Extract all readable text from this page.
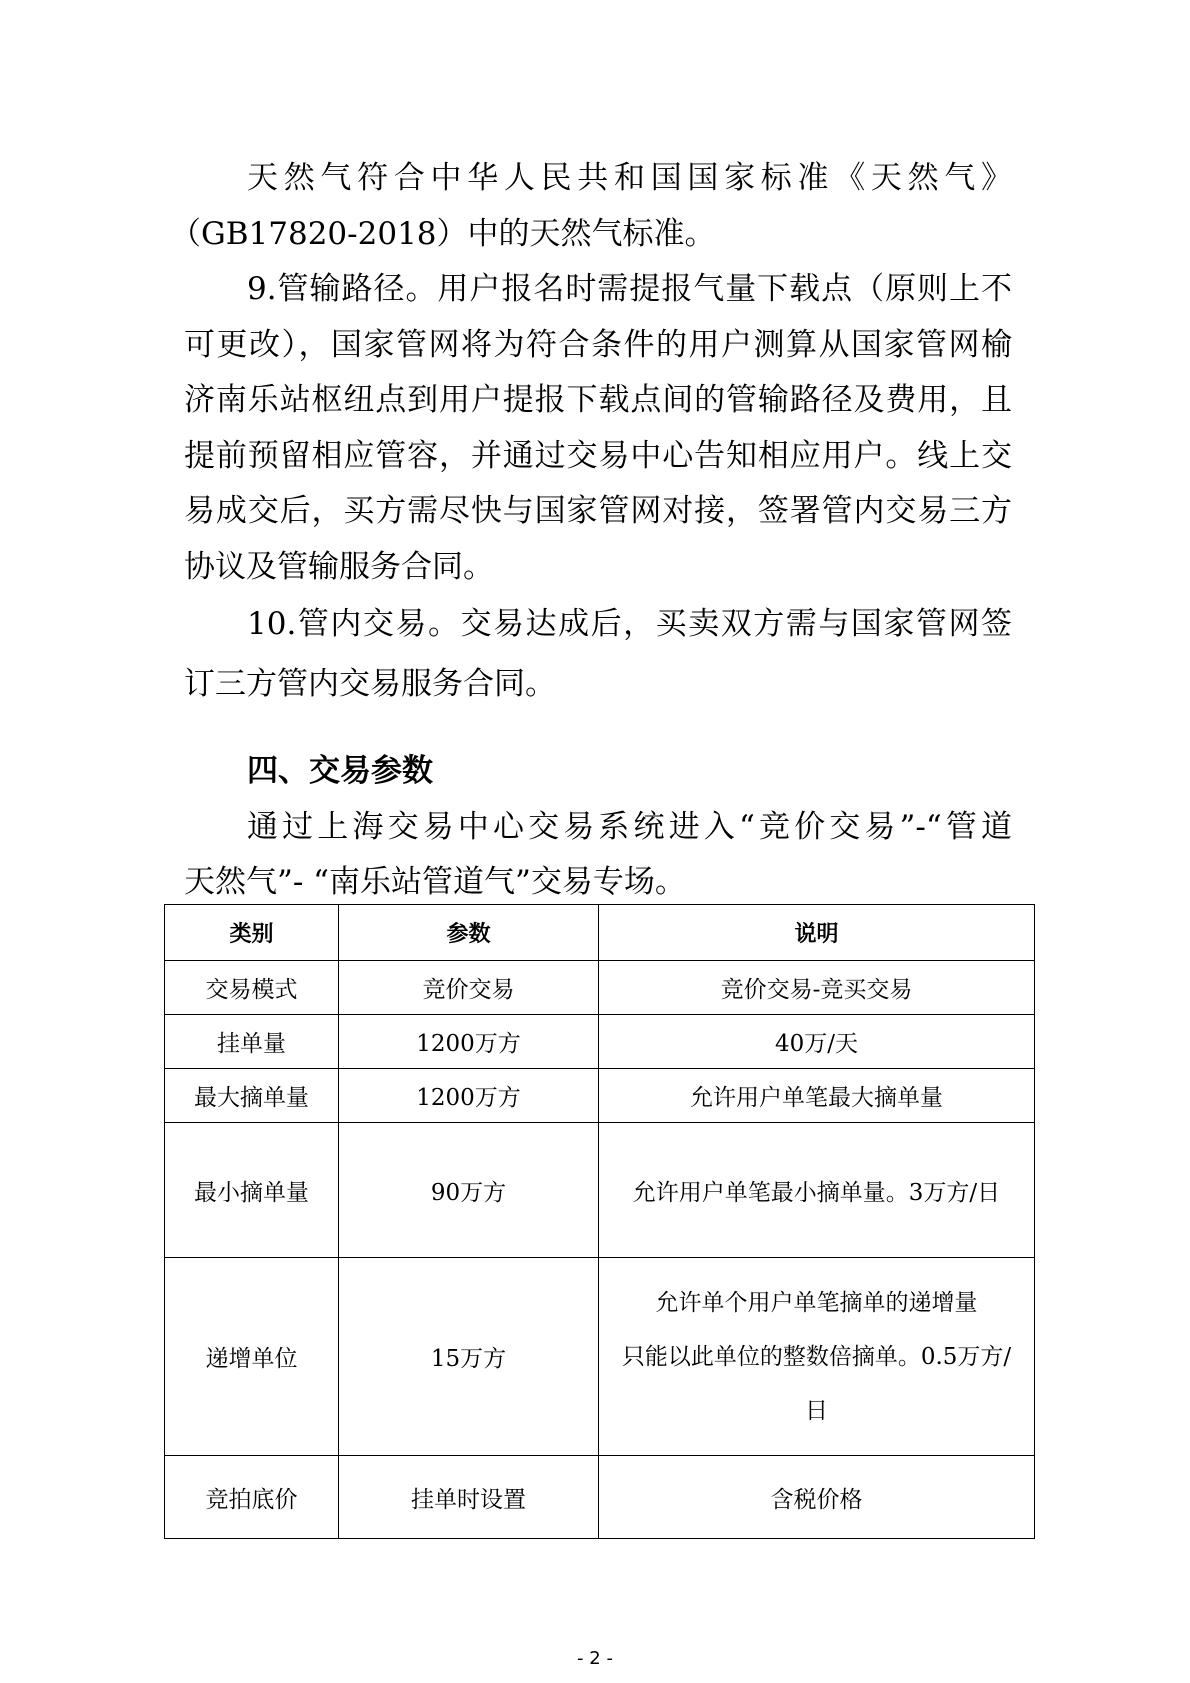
天然气符合中华人民共和国国家标准《天然气》
（GB17820-2018）中的天然气标准。
9.管输路径。用户报名时需提报气量下载点（原则上不
可更改），国家管网将为符合条件的用户测算从国家管网榆
济南乐站枢纽点到用户提报下载点间的管输路径及费用，且
提前预留相应管容，并通过交易中心告知相应用户。线上交
易成交后，买方需尽快与国家管网对接，签署管内交易三方
协议及管输服务合同。
10.管内交易。交易达成后，买卖双方需与国家管网签
订三方管内交易服务合同。
四、交易参数
通过上海交易中心交易系统进入“竞价交易”-“管道
天然气”- “南乐站管道气”交易专场。
类别	参数	说明
交易模式	竞价交易	竞价交易-竞买交易
挂单量	1200万方	40万/天
最大摘单量	1200万方	允许用户单笔最大摘单量
最小摘单量	90万方	允许用户单笔最小摘单量。3万方/日
递增单位	15万方	允许单个用户单笔摘单的递增量
只能以此单位的整数倍摘单。0.5万方/
日

竞拍底价	挂单时设置	含税价格
- 2 -
